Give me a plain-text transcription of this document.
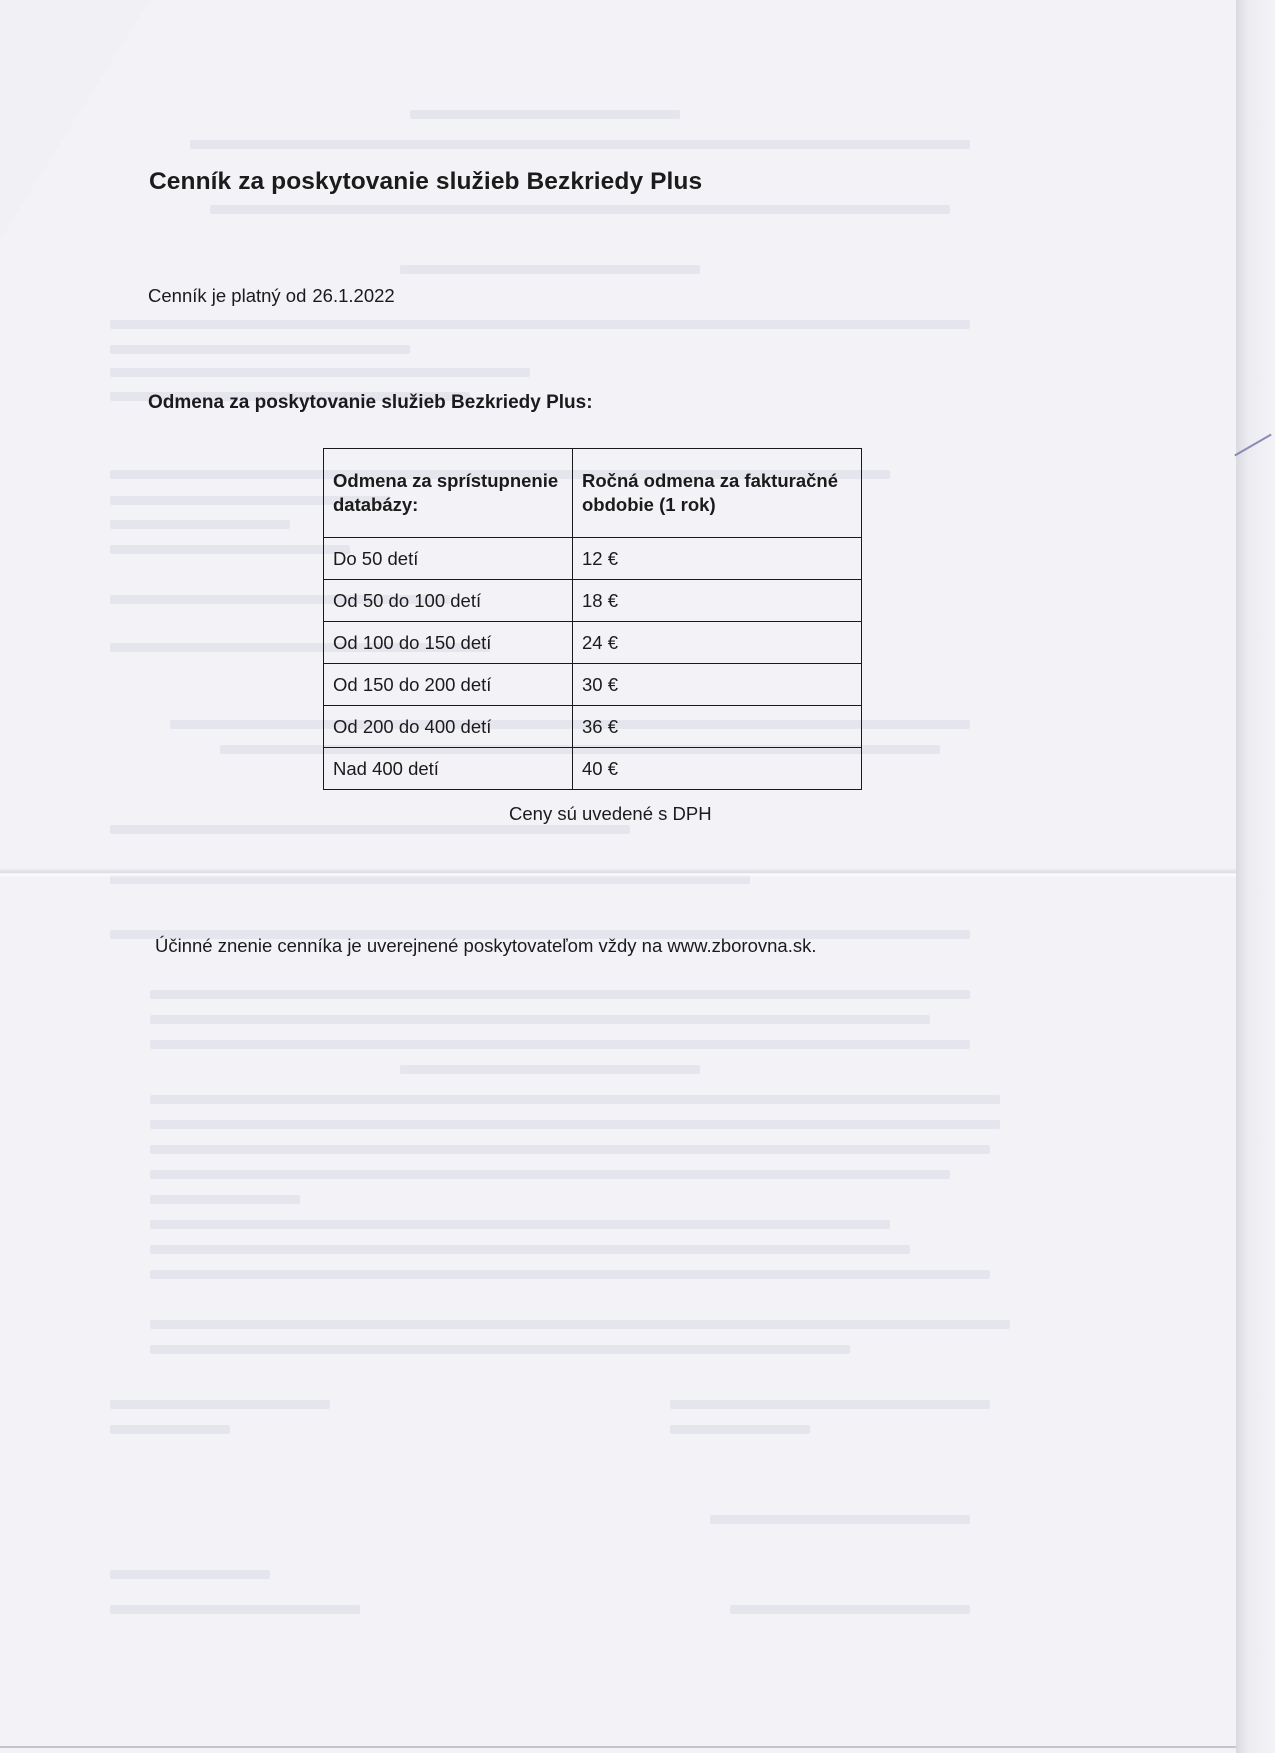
Cenník za poskytovanie služieb Bezkriedy Plus
Cenník je platný od 26.1.2022
Odmena za poskytovanie služieb Bezkriedy Plus:
Odmena za sprístupnenie databázy:	Ročná odmena za fakturačné obdobie (1 rok)

Do 50 detí	12 €
Od 50 do 100 detí	18 €
Od 100 do 150 detí	24 €
Od 150 do 200 detí	30 €
Od 200 do 400 detí	36 €
Nad 400 detí	40 €
Ceny sú uvedené s DPH
Účinné znenie cenníka je uverejnené poskytovateľom vždy na www.zborovna.sk.
